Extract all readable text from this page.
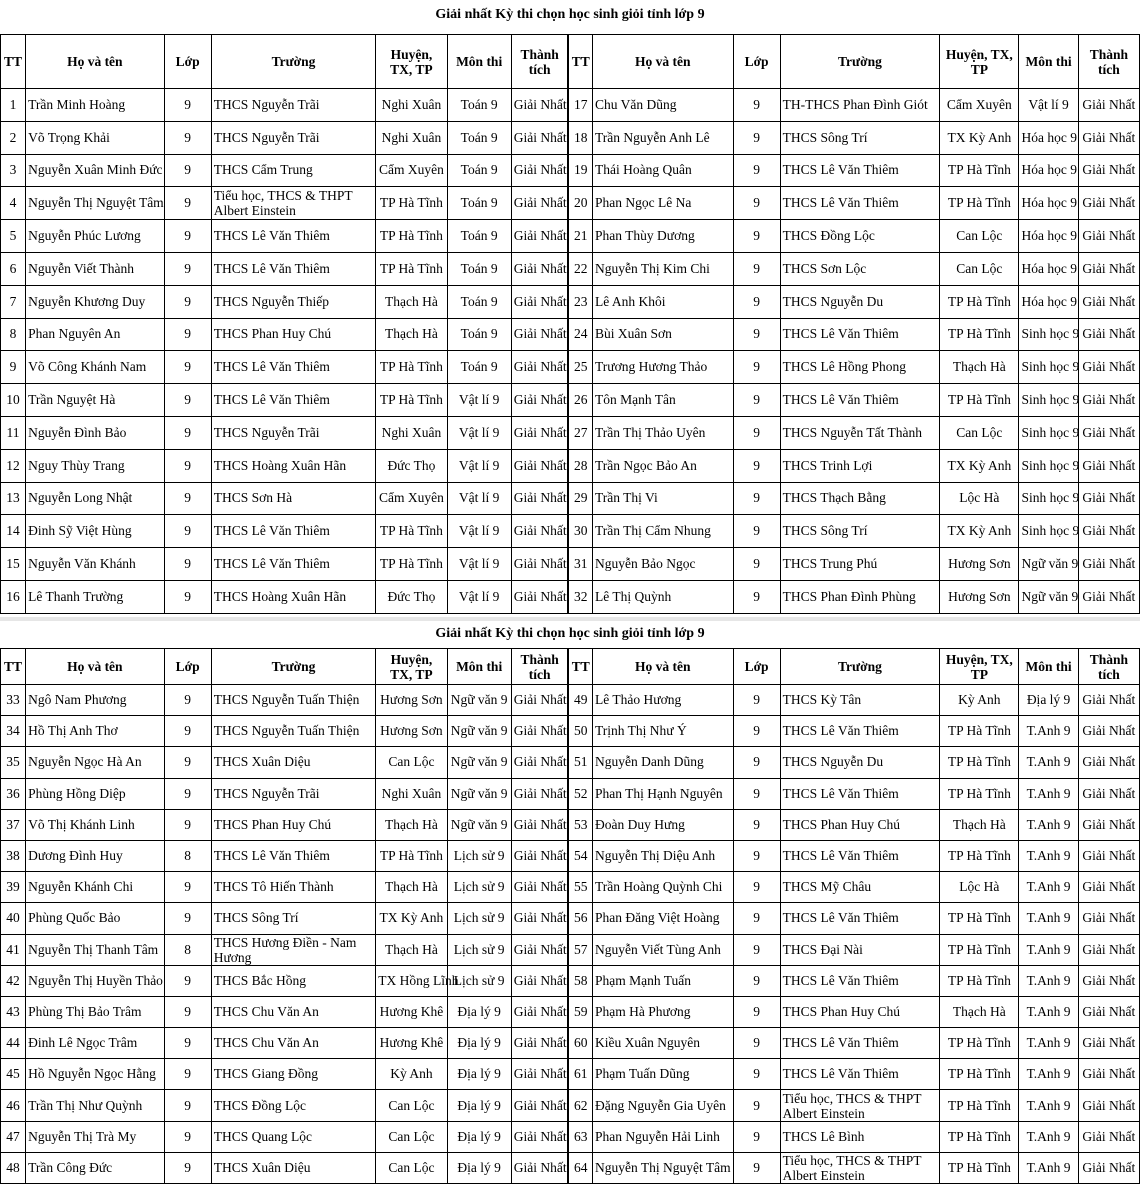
Giải nhất Kỳ thi chọn học sinh giỏi tỉnh lớp 9
TT	Họ và tên	Lớp	Trường	Huyện, TX, TP	Môn thi	Thành tích	TT	Họ và tên	Lớp	Trường	Huyện, TX, TP	Môn thi	Thành tích
1	Trần Minh Hoàng	9	THCS Nguyễn Trãi	Nghi Xuân	Toán 9	Giải Nhất	17	Chu Văn Dũng	9	TH-THCS Phan Đình Giót	Cẩm Xuyên	Vật lí 9	Giải Nhất
2	Võ Trọng Khải	9	THCS Nguyễn Trãi	Nghi Xuân	Toán 9	Giải Nhất	18	Trần Nguyễn Anh Lê	9	THCS Sông Trí	TX Kỳ Anh	Hóa học 9	Giải Nhất
3	Nguyễn Xuân Minh Đức	9	THCS Cẩm Trung	Cẩm Xuyên	Toán 9	Giải Nhất	19	Thái Hoàng Quân	9	THCS Lê Văn Thiêm	TP Hà Tĩnh	Hóa học 9	Giải Nhất
4	Nguyễn Thị Nguyệt Tâm	9	Tiểu học, THCS & THPT Albert Einstein	TP Hà Tĩnh	Toán 9	Giải Nhất	20	Phan Ngọc Lê Na	9	THCS Lê Văn Thiêm	TP Hà Tĩnh	Hóa học 9	Giải Nhất
5	Nguyễn Phúc Lương	9	THCS Lê Văn Thiêm	TP Hà Tĩnh	Toán 9	Giải Nhất	21	Phan Thùy Dương	9	THCS Đồng Lộc	Can Lộc	Hóa học 9	Giải Nhất
6	Nguyễn Viết Thành	9	THCS Lê Văn Thiêm	TP Hà Tĩnh	Toán 9	Giải Nhất	22	Nguyễn Thị Kim Chi	9	THCS Sơn Lộc	Can Lộc	Hóa học 9	Giải Nhất
7	Nguyễn Khương Duy	9	THCS Nguyễn Thiếp	Thạch Hà	Toán 9	Giải Nhất	23	Lê Anh Khôi	9	THCS Nguyễn Du	TP Hà Tĩnh	Hóa học 9	Giải Nhất
8	Phan Nguyên An	9	THCS Phan Huy Chú	Thạch Hà	Toán 9	Giải Nhất	24	Bùi Xuân Sơn	9	THCS Lê Văn Thiêm	TP Hà Tĩnh	Sinh học 9	Giải Nhất
9	Võ Công Khánh Nam	9	THCS Lê Văn Thiêm	TP Hà Tĩnh	Toán 9	Giải Nhất	25	Trương Hương Thảo	9	THCS Lê Hồng Phong	Thạch Hà	Sinh học 9	Giải Nhất
10	Trần Nguyệt Hà	9	THCS Lê Văn Thiêm	TP Hà Tĩnh	Vật lí 9	Giải Nhất	26	Tôn Mạnh Tân	9	THCS Lê Văn Thiêm	TP Hà Tĩnh	Sinh học 9	Giải Nhất
11	Nguyễn Đình Bảo	9	THCS Nguyễn Trãi	Nghi Xuân	Vật lí 9	Giải Nhất	27	Trần Thị Thảo Uyên	9	THCS Nguyễn Tất Thành	Can Lộc	Sinh học 9	Giải Nhất
12	Nguy Thùy Trang	9	THCS Hoàng Xuân Hãn	Đức Thọ	Vật lí 9	Giải Nhất	28	Trần Ngọc Bảo An	9	THCS Trinh Lợi	TX Kỳ Anh	Sinh học 9	Giải Nhất
13	Nguyễn Long Nhật	9	THCS Sơn Hà	Cẩm Xuyên	Vật lí 9	Giải Nhất	29	Trần Thị Vi	9	THCS Thạch Bằng	Lộc Hà	Sinh học 9	Giải Nhất
14	Đinh Sỹ Việt Hùng	9	THCS Lê Văn Thiêm	TP Hà Tĩnh	Vật lí 9	Giải Nhất	30	Trần Thị Cẩm Nhung	9	THCS Sông Trí	TX Kỳ Anh	Sinh học 9	Giải Nhất
15	Nguyễn Văn Khánh	9	THCS Lê Văn Thiêm	TP Hà Tĩnh	Vật lí 9	Giải Nhất	31	Nguyễn Bảo Ngọc	9	THCS Trung Phú	Hương Sơn	Ngữ văn 9	Giải Nhất
16	Lê Thanh Trường	9	THCS Hoàng Xuân Hãn	Đức Thọ	Vật lí 9	Giải Nhất	32	Lê Thị Quỳnh	9	THCS Phan Đình Phùng	Hương Sơn	Ngữ văn 9	Giải Nhất
Giải nhất Kỳ thi chọn học sinh giỏi tỉnh lớp 9
TT	Họ và tên	Lớp	Trường	Huyện, TX, TP	Môn thi	Thành tích	TT	Họ và tên	Lớp	Trường	Huyện, TX, TP	Môn thi	Thành tích
33	Ngô Nam Phương	9	THCS Nguyễn Tuấn Thiện	Hương Sơn	Ngữ văn 9	Giải Nhất	49	Lê Thảo Hương	9	THCS Kỳ Tân	Kỳ Anh	Địa lý 9	Giải Nhất
34	Hồ Thị Anh Thơ	9	THCS Nguyễn Tuấn Thiện	Hương Sơn	Ngữ văn 9	Giải Nhất	50	Trịnh Thị Như Ý	9	THCS Lê Văn Thiêm	TP Hà Tĩnh	T.Anh 9	Giải Nhất
35	Nguyễn Ngọc Hà An	9	THCS Xuân Diệu	Can Lộc	Ngữ văn 9	Giải Nhất	51	Nguyễn Danh Dũng	9	THCS Nguyễn Du	TP Hà Tĩnh	T.Anh 9	Giải Nhất
36	Phùng Hồng Diệp	9	THCS Nguyễn Trãi	Nghi Xuân	Ngữ văn 9	Giải Nhất	52	Phan Thị Hạnh Nguyên	9	THCS Lê Văn Thiêm	TP Hà Tĩnh	T.Anh 9	Giải Nhất
37	Võ Thị Khánh Linh	9	THCS Phan Huy Chú	Thạch Hà	Ngữ văn 9	Giải Nhất	53	Đoàn Duy Hưng	9	THCS Phan Huy Chú	Thạch Hà	T.Anh 9	Giải Nhất
38	Dương Đình Huy	8	THCS Lê Văn Thiêm	TP Hà Tĩnh	Lịch sử 9	Giải Nhất	54	Nguyễn Thị Diệu Anh	9	THCS Lê Văn Thiêm	TP Hà Tĩnh	T.Anh 9	Giải Nhất
39	Nguyễn Khánh Chi	9	THCS Tô Hiến Thành	Thạch Hà	Lịch sử 9	Giải Nhất	55	Trần Hoàng Quỳnh Chi	9	THCS Mỹ Châu	Lộc Hà	T.Anh 9	Giải Nhất
40	Phùng Quốc Bảo	9	THCS Sông Trí	TX Kỳ Anh	Lịch sử 9	Giải Nhất	56	Phan Đăng Việt Hoàng	9	THCS Lê Văn Thiêm	TP Hà Tĩnh	T.Anh 9	Giải Nhất
41	Nguyễn Thị Thanh Tâm	8	THCS Hương Điền - Nam Hương	Thạch Hà	Lịch sử 9	Giải Nhất	57	Nguyễn Viết Tùng Anh	9	THCS Đại Nài	TP Hà Tĩnh	T.Anh 9	Giải Nhất
42	Nguyễn Thị Huyền Thảo	9	THCS Bắc Hồng	TX Hồng Lĩnh	Lịch sử 9	Giải Nhất	58	Phạm Mạnh Tuấn	9	THCS Lê Văn Thiêm	TP Hà Tĩnh	T.Anh 9	Giải Nhất
43	Phùng Thị Bảo Trâm	9	THCS Chu Văn An	Hương Khê	Địa lý 9	Giải Nhất	59	Phạm Hà Phương	9	THCS Phan Huy Chú	Thạch Hà	T.Anh 9	Giải Nhất
44	Đinh Lê Ngọc Trâm	9	THCS Chu Văn An	Hương Khê	Địa lý 9	Giải Nhất	60	Kiều Xuân Nguyên	9	THCS Lê Văn Thiêm	TP Hà Tĩnh	T.Anh 9	Giải Nhất
45	Hồ Nguyễn Ngọc Hằng	9	THCS Giang Đồng	Kỳ Anh	Địa lý 9	Giải Nhất	61	Phạm Tuấn Dũng	9	THCS Lê Văn Thiêm	TP Hà Tĩnh	T.Anh 9	Giải Nhất
46	Trần Thị Như Quỳnh	9	THCS Đồng Lộc	Can Lộc	Địa lý 9	Giải Nhất	62	Đặng Nguyễn Gia Uyên	9	Tiểu học, THCS & THPT Albert Einstein	TP Hà Tĩnh	T.Anh 9	Giải Nhất
47	Nguyễn Thị Trà My	9	THCS Quang Lộc	Can Lộc	Địa lý 9	Giải Nhất	63	Phan Nguyễn Hải Linh	9	THCS Lê Bình	TP Hà Tĩnh	T.Anh 9	Giải Nhất
48	Trần Công Đức	9	THCS Xuân Diệu	Can Lộc	Địa lý 9	Giải Nhất	64	Nguyễn Thị Nguyệt Tâm	9	Tiểu học, THCS & THPT Albert Einstein	TP Hà Tĩnh	T.Anh 9	Giải Nhất
